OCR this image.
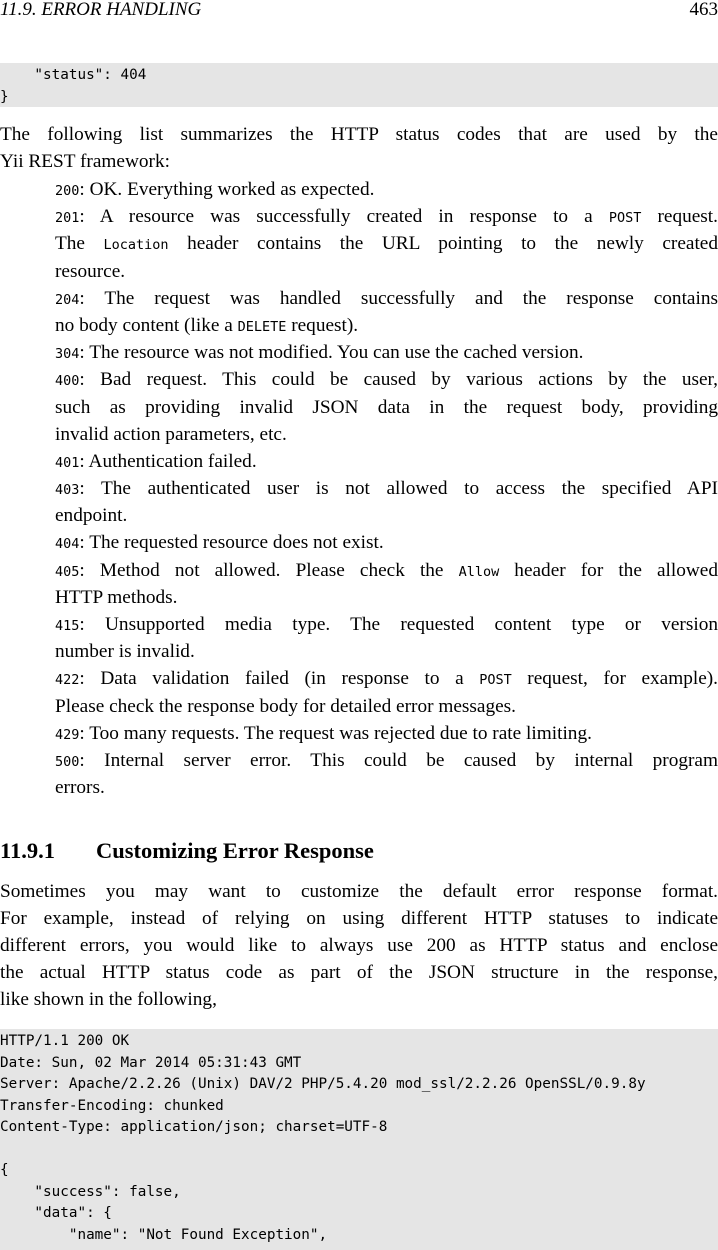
11.9. ERROR HANDLING	463
"status": 404
}
The following list summarizes the HTTP status codes that are used by the
Yii REST framework:
200: OK. Everything worked as expected.
201: A resource was successfully created in response to a POST request.
The Location header contains the URL pointing to the newly created
resource.
204: The request was handled successfully and the response contains
no body content (like a DELETE request).
304: The resource was not modified. You can use the cached version.
400: Bad request. This could be caused by various actions by the user,
such as providing invalid JSON data in the request body, providing
invalid action parameters, etc.
401: Authentication failed.
403: The authenticated user is not allowed to access the specified API
endpoint.
404: The requested resource does not exist.
405: Method not allowed. Please check the Allow header for the allowed
HTTP methods.
415: Unsupported media type. The requested content type or version
number is invalid.
422: Data validation failed (in response to a POST request, for example).
Please check the response body for detailed error messages.
429: Too many requests. The request was rejected due to rate limiting.
500: Internal server error. This could be caused by internal program
errors.
11.9.1 Customizing Error Response
Sometimes you may want to customize the default error response format.
For example, instead of relying on using different HTTP statuses to indicate
different errors, you would like to always use 200 as HTTP status and enclose
the actual HTTP status code as part of the JSON structure in the response,
like shown in the following,
HTTP/1.1 200 OK
Date: Sun, 02 Mar 2014 05:31:43 GMT
Server: Apache/2.2.26 (Unix) DAV/2 PHP/5.4.20 mod_ssl/2.2.26 OpenSSL/0.9.8y
Transfer-Encoding: chunked
Content-Type: application/json; charset=UTF-8
{
"success": false,
"data": {
"name": "Not Found Exception",
